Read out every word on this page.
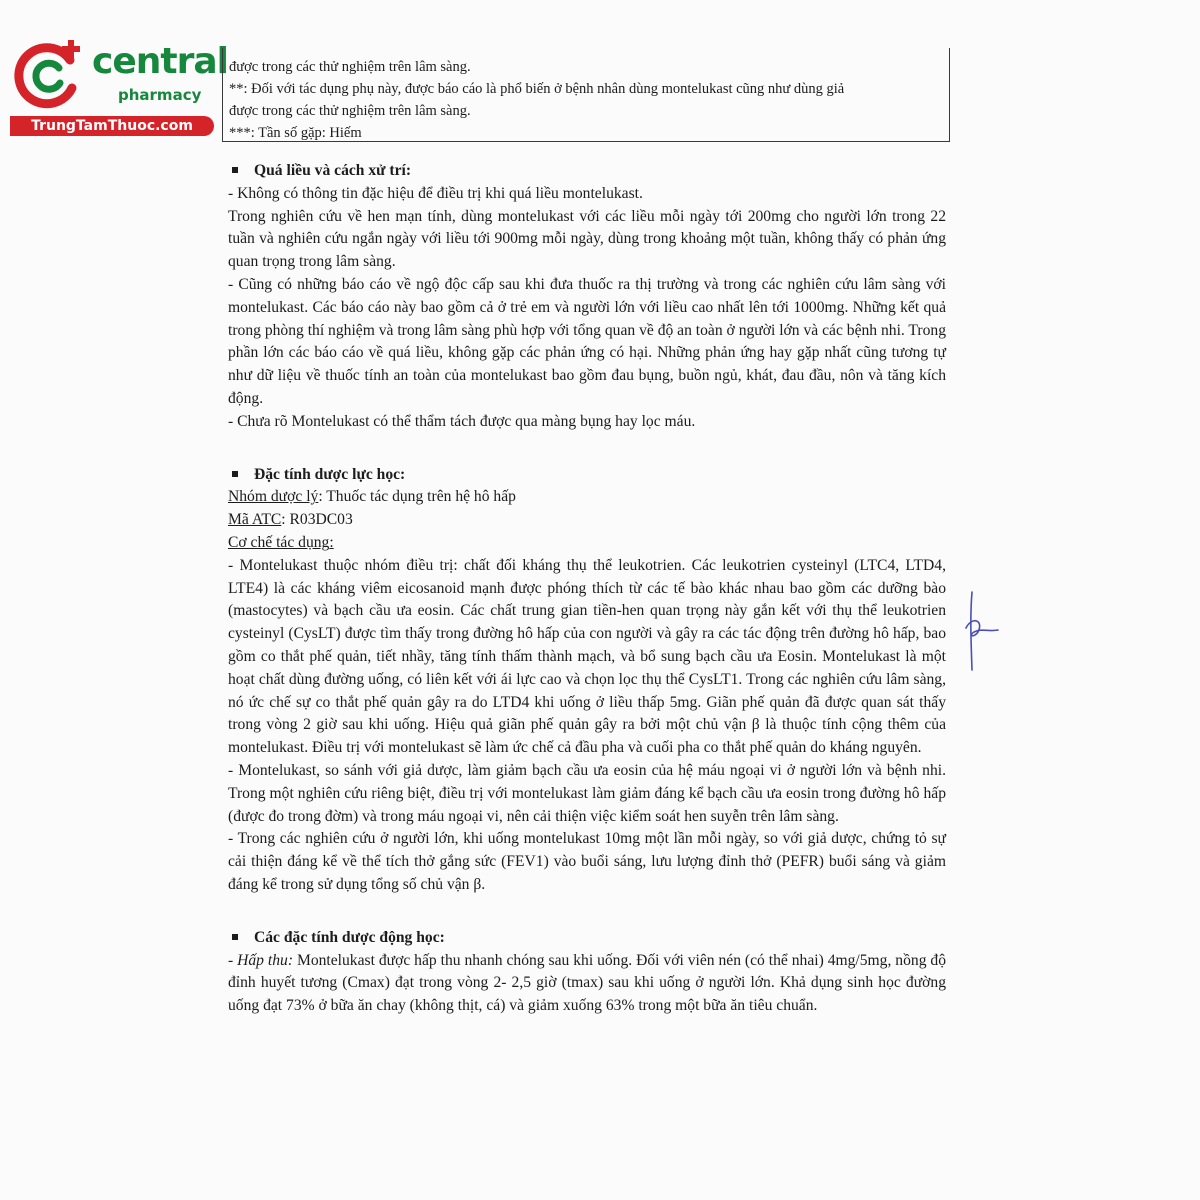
central
pharmacy
TrungTamThuoc.com

được trong các thử nghiệm trên lâm sàng.

**: Đối với tác dụng phụ này, được báo cáo là phổ biến ở bệnh nhân dùng montelukast cũng như dùng giả

được trong các thử nghiệm trên lâm sàng.

***: Tần số gặp: Hiếm

Quá liều và cách xử trí:

- Không có thông tin đặc hiệu để điều trị khi quá liều montelukast.

Trong nghiên cứu về hen mạn tính, dùng montelukast với các liều mỗi ngày tới 200mg cho người lớn trong 22 tuần và nghiên cứu ngắn ngày với liều tới 900mg mỗi ngày, dùng trong khoảng một tuần, không thấy có phản ứng quan trọng trong lâm sàng.

- Cũng có những báo cáo về ngộ độc cấp sau khi đưa thuốc ra thị trường và trong các nghiên cứu lâm sàng với montelukast. Các báo cáo này bao gồm cả ở trẻ em và người lớn với liều cao nhất lên tới 1000mg. Những kết quả trong phòng thí nghiệm và trong lâm sàng phù hợp với tổng quan về độ an toàn ở người lớn và các bệnh nhi. Trong phần lớn các báo cáo về quá liều, không gặp các phản ứng có hại. Những phản ứng hay gặp nhất cũng tương tự như dữ liệu về thuốc tính an toàn của montelukast bao gồm đau bụng, buồn ngủ, khát, đau đầu, nôn và tăng kích động.

- Chưa rõ Montelukast có thể thẩm tách được qua màng bụng hay lọc máu.

Đặc tính dược lực học:

Nhóm dược lý: Thuốc tác dụng trên hệ hô hấp

Mã ATC: R03DC03

Cơ chế tác dụng:

- Montelukast thuộc nhóm điều trị: chất đối kháng thụ thể leukotrien. Các leukotrien cysteinyl (LTC4, LTD4, LTE4) là các kháng viêm eicosanoid mạnh được phóng thích từ các tế bào khác nhau bao gồm các dưỡng bào (mastocytes) và bạch cầu ưa eosin. Các chất trung gian tiền-hen quan trọng này gắn kết với thụ thể leukotrien cysteinyl (CysLT) được tìm thấy trong đường hô hấp của con người và gây ra các tác động trên đường hô hấp, bao gồm co thắt phế quản, tiết nhầy, tăng tính thấm thành mạch, và bổ sung bạch cầu ưa Eosin. Montelukast là một hoạt chất dùng đường uống, có liên kết với ái lực cao và chọn lọc thụ thể CysLT1. Trong các nghiên cứu lâm sàng, nó ức chế sự co thắt phế quản gây ra do LTD4 khi uống ở liều thấp 5mg. Giãn phế quản đã được quan sát thấy trong vòng 2 giờ sau khi uống. Hiệu quả giãn phế quản gây ra bởi một chủ vận β là thuộc tính cộng thêm của montelukast. Điều trị với montelukast sẽ làm ức chế cả đầu pha và cuối pha co thắt phế quản do kháng nguyên.

- Montelukast, so sánh với giả dược, làm giảm bạch cầu ưa eosin của hệ máu ngoại vi ở người lớn và bệnh nhi. Trong một nghiên cứu riêng biệt, điều trị với montelukast làm giảm đáng kể bạch cầu ưa eosin trong đường hô hấp (được đo trong đờm) và trong máu ngoại vi, nên cải thiện việc kiểm soát hen suyễn trên lâm sàng.

- Trong các nghiên cứu ở người lớn, khi uống montelukast 10mg một lần mỗi ngày, so với giả dược, chứng tỏ sự cải thiện đáng kể về thể tích thở gắng sức (FEV1) vào buổi sáng, lưu lượng đỉnh thở (PEFR) buổi sáng và giảm đáng kể trong sử dụng tổng số chủ vận β.

Các đặc tính dược động học:

- Hấp thu: Montelukast được hấp thu nhanh chóng sau khi uống. Đối với viên nén (có thể nhai) 4mg/5mg, nồng độ đỉnh huyết tương (Cmax) đạt trong vòng 2- 2,5 giờ (tmax) sau khi uống ở người lớn. Khả dụng sinh học đường uống đạt 73% ở bữa ăn chay (không thịt, cá) và giảm xuống 63% trong một bữa ăn tiêu chuẩn.
